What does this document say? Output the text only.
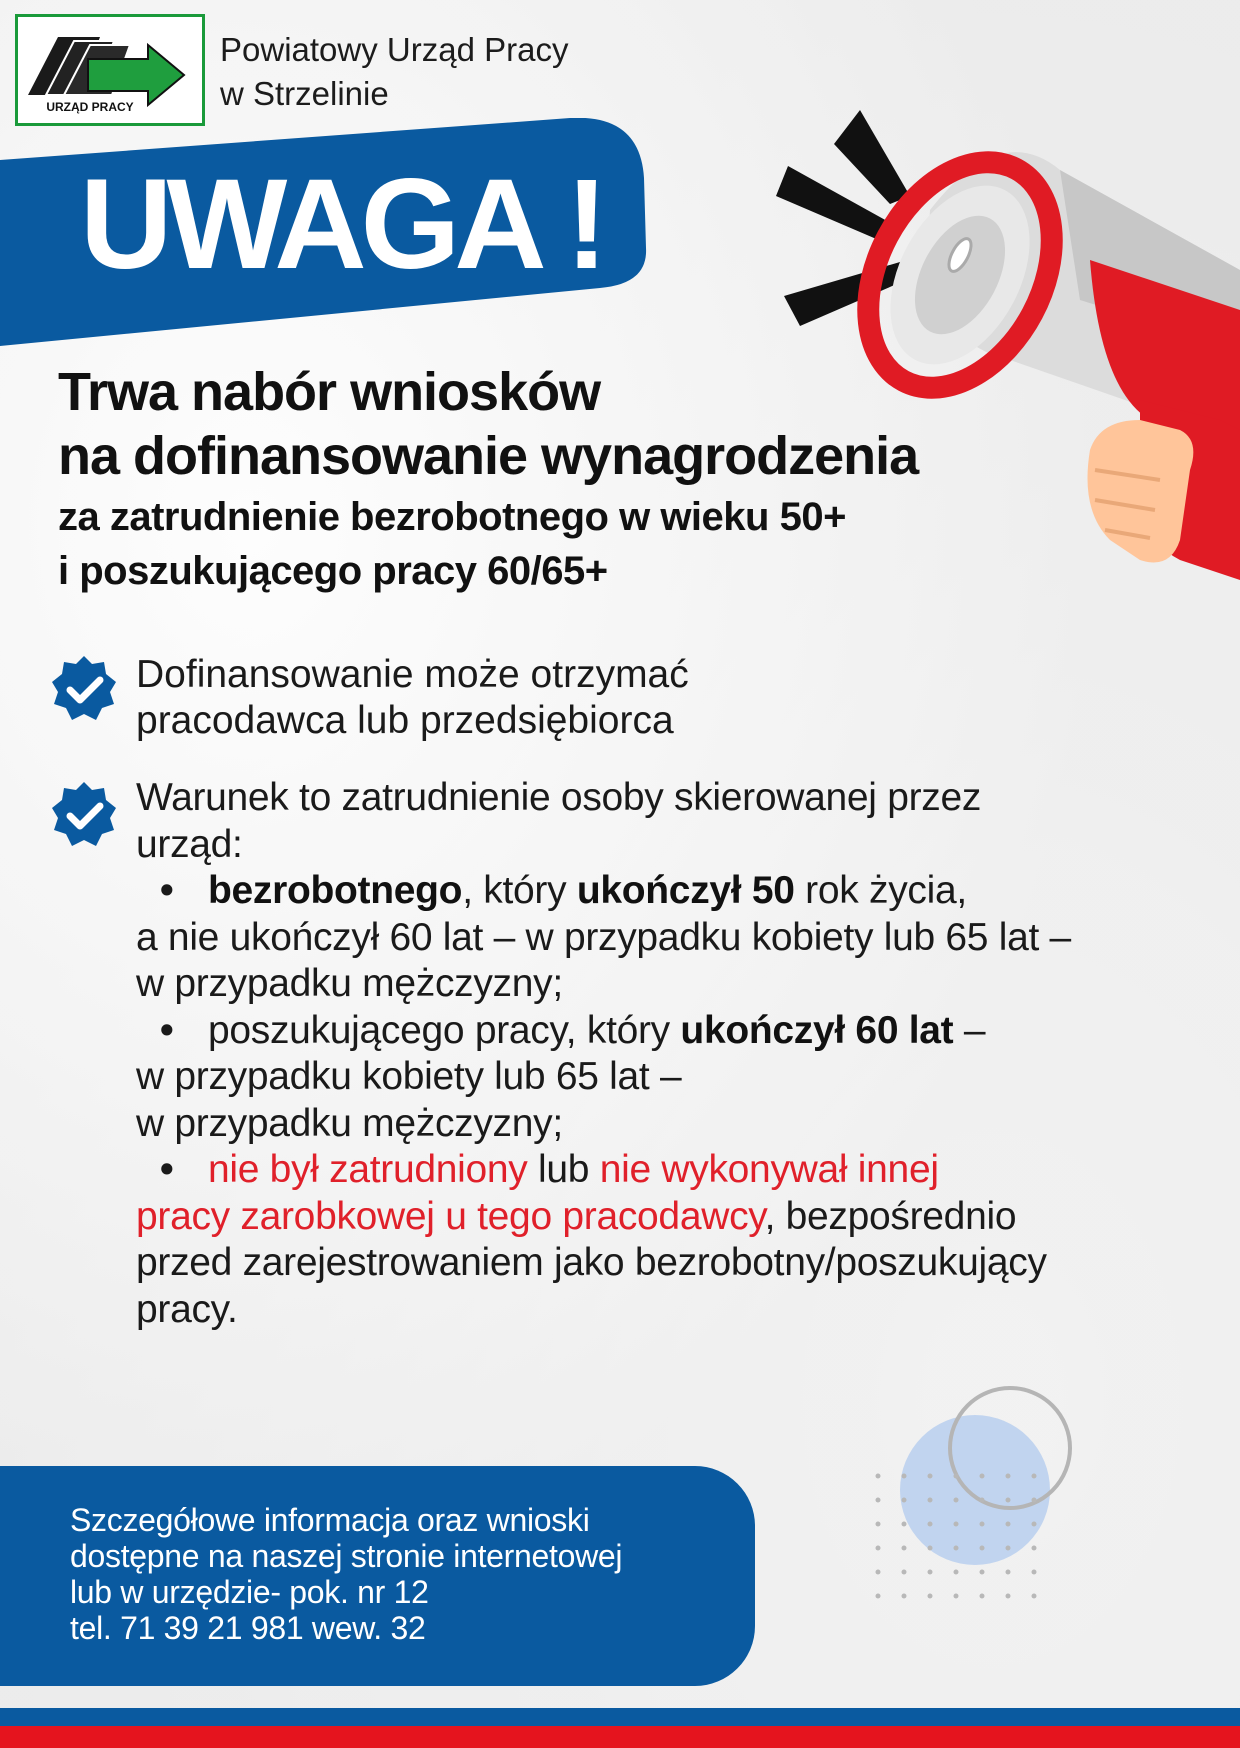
URZĄD PRACY
Powiatowy Urząd Pracy
w Strzelinie
UWAGA !
Trwa nabór wniosków
na dofinansowanie wynagrodzenia
za zatrudnienie bezrobotnego w wieku 50+
i poszukującego pracy 60/65+
Dofinansowanie może otrzymać
pracodawca lub przedsiębiorca
Warunek to zatrudnienie osoby skierowanej przez
urząd:
• bezrobotnego, który ukończył 50 rok życia,
a nie ukończył 60 lat – w przypadku kobiety lub 65 lat –
w przypadku mężczyzny;
• poszukującego pracy, który ukończył 60 lat –
w przypadku kobiety lub 65 lat –
w przypadku mężczyzny;
• nie był zatrudniony lub nie wykonywał innej
pracy zarobkowej u tego pracodawcy, bezpośrednio
przed zarejestrowaniem jako bezrobotny/poszukujący
pracy.
Szczegółowe informacja oraz wnioski
dostępne na naszej stronie internetowej
lub w urzędzie- pok. nr 12
tel. 71 39 21 981 wew. 32
